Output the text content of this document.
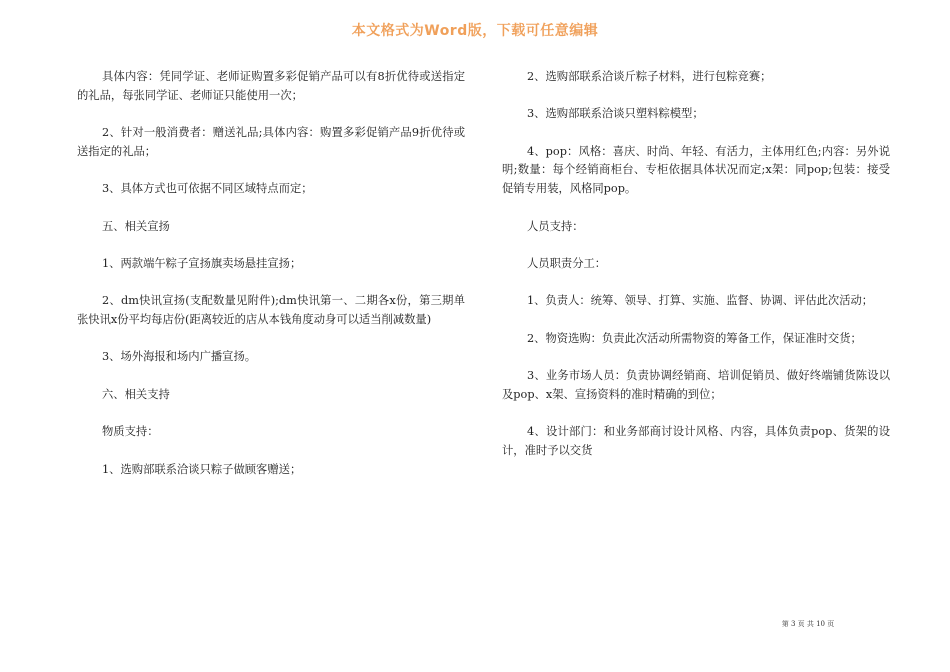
本文格式为Word版，下载可任意编辑

具体内容：凭同学证、老师证购置多彩促销产品可以有8折优待或送指定的礼品，每张同学证、老师证只能使用一次；

2、针对一般消费者：赠送礼品;具体内容：购置多彩促销产品9折优待或送指定的礼品；

3、具体方式也可依据不同区域特点而定；

五、相关宣扬

1、两款端午粽子宣扬旗卖场悬挂宣扬；

2、dm快讯宣扬(支配数量见附件);dm快讯第一、二期各x份，第三期单张快讯x份平均每店份(距离较近的店从本钱角度动身可以适当削减数量)

3、场外海报和场内广播宣扬。

六、相关支持

物质支持：

1、选购部联系洽谈只粽子做顾客赠送；

2、选购部联系洽谈斤粽子材料，进行包粽竞赛；

3、选购部联系洽谈只塑料粽模型；

4、pop：风格：喜庆、时尚、年轻、有活力，主体用红色;内容：另外说明;数量：每个经销商柜台、专柜依据具体状况而定;x架：同pop;包装：接受促销专用装，风格同pop。

人员支持：

人员职责分工：

1、负责人：统筹、领导、打算、实施、监督、协调、评估此次活动；

2、物资选购：负责此次活动所需物资的筹备工作，保证准时交货；

3、业务市场人员：负责协调经销商、培训促销员、做好终端铺货陈设以及pop、x架、宣扬资料的准时精确的到位；

4、设计部门：和业务部商讨设计风格、内容，具体负责pop、货架的设计，准时予以交货

第 3 页 共 10 页
